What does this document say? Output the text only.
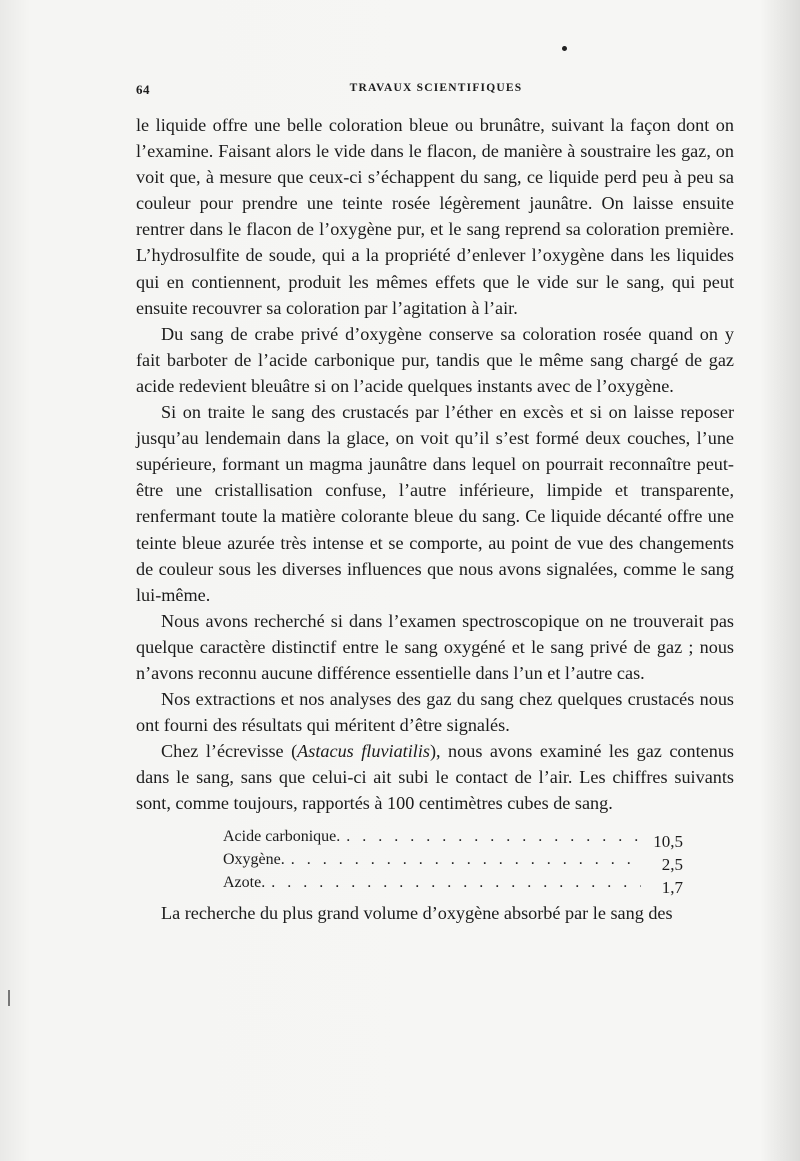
64	TRAVAUX SCIENTIFIQUES

le liquide offre une belle coloration bleue ou brunâtre, suivant la façon dont on l’examine. Faisant alors le vide dans le flacon, de manière à soustraire les gaz, on voit que, à mesure que ceux-ci s’échappent du sang, ce liquide perd peu à peu sa couleur pour prendre une teinte rosée légèrement jaunâtre. On laisse ensuite rentrer dans le flacon de l’oxygène pur, et le sang reprend sa coloration première. L’hydrosulfite de soude, qui a la propriété d’enlever l’oxygène dans les liquides qui en contiennent, produit les mêmes effets que le vide sur le sang, qui peut ensuite recouvrer sa coloration par l’agitation à l’air.

Du sang de crabe privé d’oxygène conserve sa coloration rosée quand on y fait barboter de l’acide carbonique pur, tandis que le même sang chargé de gaz acide redevient bleuâtre si on l’acide quelques instants avec de l’oxygène.

Si on traite le sang des crustacés par l’éther en excès et si on laisse reposer jusqu’au lendemain dans la glace, on voit qu’il s’est formé deux couches, l’une supérieure, formant un magma jaunâtre dans lequel on pourrait reconnaître peut-être une cristallisation confuse, l’autre inférieure, limpide et transparente, renfermant toute la matière colorante bleue du sang. Ce liquide décanté offre une teinte bleue azurée très intense et se comporte, au point de vue des changements de couleur sous les diverses influences que nous avons signalées, comme le sang lui-même.

Nous avons recherché si dans l’examen spectroscopique on ne trouverait pas quelque caractère distinctif entre le sang oxygéné et le sang privé de gaz ; nous n’avons reconnu aucune différence essentielle dans l’un et l’autre cas.

Nos extractions et nos analyses des gaz du sang chez quelques crustacés nous ont fourni des résultats qui méritent d’être signalés.

Chez l’écrevisse (Astacus fluviatilis), nous avons examiné les gaz contenus dans le sang, sans que celui-ci ait subi le contact de l’air. Les chiffres suivants sont, comme toujours, rapportés à 100 centimètres cubes de sang.

Acide carbonique. . . .	10,5
Oxygène. . . .	2,5
Azote. . . .	1,7

La recherche du plus grand volume d’oxygène absorbé par le sang des
